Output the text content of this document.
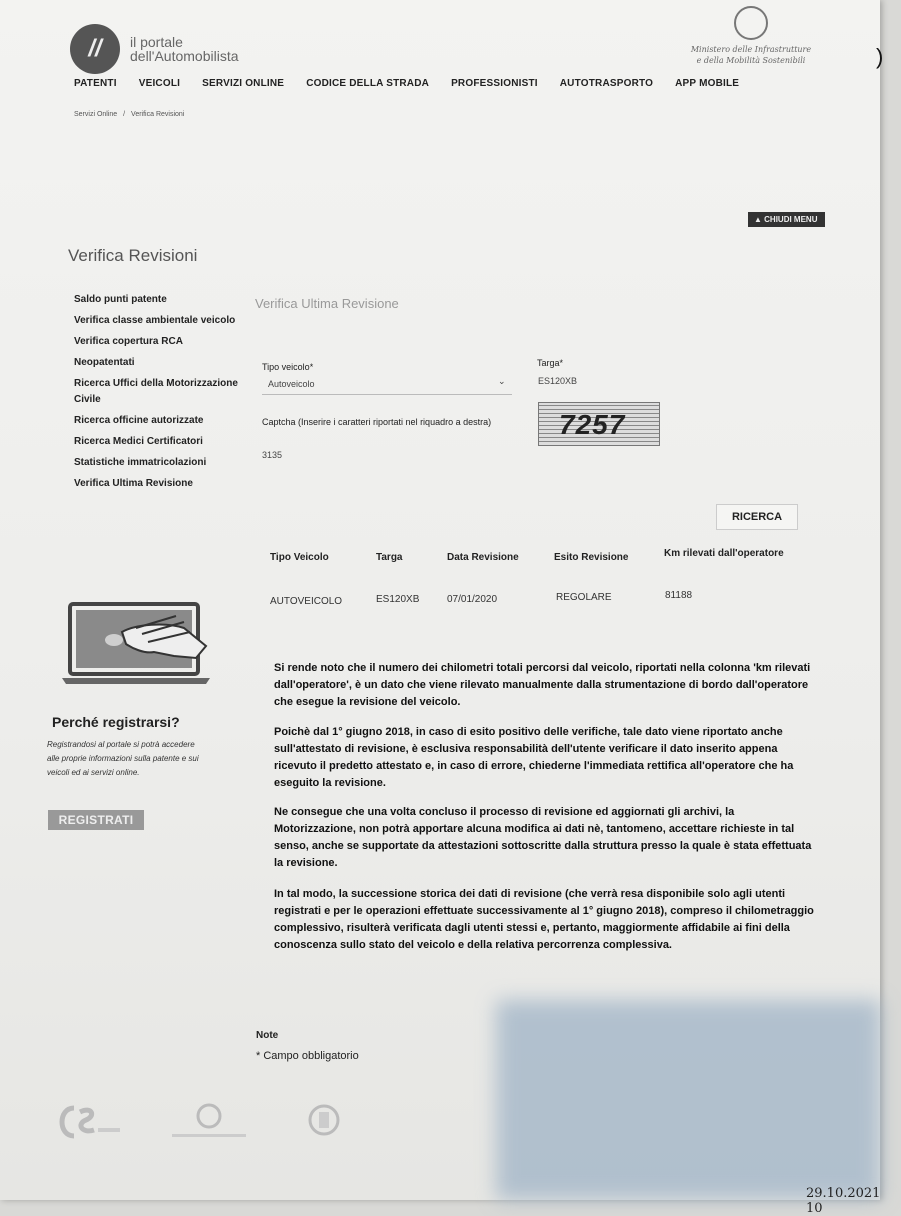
//	il portale
dell'Automobilista	Ministero delle Infrastrutture
e della Mobilità Sostenibili
PATENTI VEICOLI SERVIZI ONLINE CODICE DELLA STRADA PROFESSIONISTI AUTOTRASPORTO APP MOBILE
Servizi Online / Verifica Revisioni
▲ CHIUDI MENU
Verifica Revisioni
Saldo punti patente
Verifica classe ambientale veicolo
Verifica copertura RCA
Neopatentati
Ricerca Uffici della Motorizzazione Civile
Ricerca officine autorizzate
Ricerca Medici Certificatori
Statistiche immatricolazioni
Verifica Ultima Revisione
Verifica Ultima Revisione
Tipo veicolo*
Autoveicolo	⌄
Targa*
ES120XB
Captcha (Inserire i caratteri riportati nel riquadro a destra)
3135
7257
RICERCA
Tipo Veicolo	Targa	Data Revisione	Esito Revisione	Km rilevati dall'operatore
AUTOVEICOLO	ES120XB	07/01/2020	REGOLARE	81188
Perché registrarsi?
Registrandosi al portale si potrà accedere alle proprie informazioni sulla patente e sui veicoli ed ai servizi online.
REGISTRATI

Si rende noto che il numero dei chilometri totali percorsi dal veicolo, riportati nella colonna 'km rilevati dall'operatore', è un dato che viene rilevato manualmente dalla strumentazione di bordo dall'operatore che esegue la revisione del veicolo.

Poichè dal 1° giugno 2018, in caso di esito positivo delle verifiche, tale dato viene riportato anche sull'attestato di revisione, è esclusiva responsabilità dell'utente verificare il dato inserito appena ricevuto il predetto attestato e, in caso di errore, chiederne l'immediata rettifica all'operatore che ha eseguito la revisione.

Ne consegue che una volta concluso il processo di revisione ed aggiornati gli archivi, la Motorizzazione, non potrà apportare alcuna modifica ai dati nè, tantomeno, accettare richieste in tal senso, anche se supportate da attestazioni sottoscritte dalla struttura presso la quale è stata effettuata la revisione.

In tal modo, la successione storica dei dati di revisione (che verrà resa disponibile solo agli utenti registrati e per le operazioni effettuate successivamente al 1° giugno 2018), compreso il chilometraggio complessivo, risulterà verificata dagli utenti stessi e, pertanto, maggiormente affidabile ai fini della conoscenza sullo stato del veicolo e della relativa percorrenza complessiva.

Note
* Campo obbligatorio
)
29.10.2021 10
